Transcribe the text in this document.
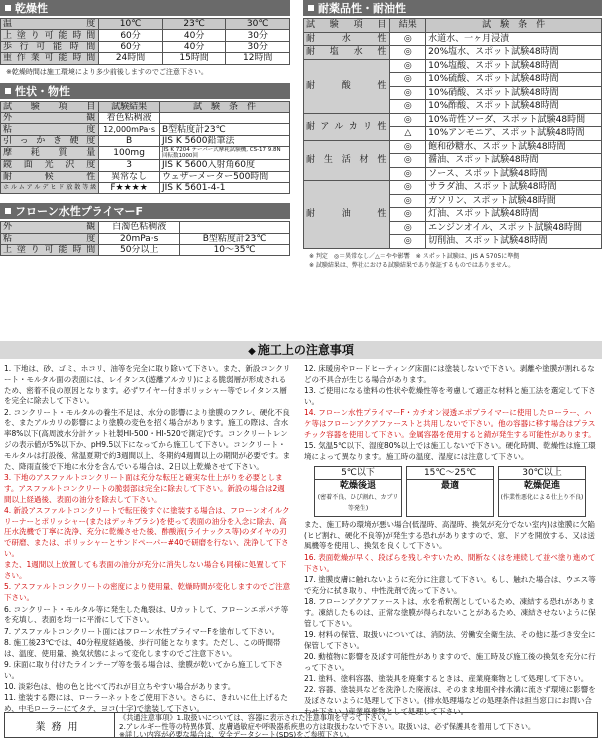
乾燥性
温　　度	10℃	23℃	30℃
上塗り可能時間	60分	40分	30分
歩行可能時間	60分	40分	30分
重作業可能時間	24時間	15時間	12時間
※乾燥時間は施工環境により多少前後しますのでご注意下さい。
性状・物性
試　験　項　目	試験結果	試　験　条　件
外　　観	着色粘稠液	
粘　　度	12,000mPa·s	B型粘度計23℃
引っかき硬度	B	JIS K 5600鉛筆法
摩耗質量	100mg	JIS K 7204 テーバー式摩耗試験機, CS-17 9.8N 回転数1000回
鏡面光沢度	3	JIS K 5600入射角60度
耐候性	異常なし	ウェザーメーター500時間
ホルムアルデヒド放散等級	F★★★★	JIS K 5601-4-1
フローン水性プライマーF
外　　観	白濁色粘稠液	
粘　　度	20mPa·s	B型粘度計23℃
上塗り可能時間	50分以上	10～35℃
耐薬品性・耐油性
試　験　項　目	結果	試　験　条　件
耐　水　性	◎	水道水、一ヶ月浸漬
耐塩水性	◎	20%塩水、スポット試験48時間
耐　酸　性	◎	10%塩酸、スポット試験48時間
	◎	10%硫酸、スポット試験48時間
	◎	10%硝酸、スポット試験48時間
	◎	10%酢酸、スポット試験48時間
耐アルカリ性	◎	10%苛性ソーダ、スポット試験48時間
	△	10%アンモニア、スポット試験48時間
耐生活材性	◎	飽和砂糖水、スポット試験48時間
	◎	醤油、スポット試験48時間
	◎	ソース、スポット試験48時間
耐　油　性	◎	サラダ油、スポット試験48時間
	◎	ガソリン、スポット試験48時間
	◎	灯油、スポット試験48時間
	◎	エンジンオイル、スポット試験48時間
	◎	切削油、スポット試験48時間
※ 判定　◎＝異常なし／△＝やや影響　※ スポット試験は、JIS A 5705に準拠
※ 試験結果は、弊社における試験結果であり保証するものではありません。
◆ 施工上の注意事項

1. 下地は、砂、ゴミ、ホコリ、油等を完全に取り除いて下さい。また、新設コンクリート・モルタル面の表面には、レイタンス(遊離アルカリ)による脆弱層が形成されるため、密着不良の原因となります。必ずワイヤー付きポリッシャー等でレイタンス層を完全に除去して下さい。

2. コンクリート・モルタルの養生不足は、水分の影響により塗膜のフクレ、硬化不良を、またアルカリの影響により塗膜の変色を招く場合があります。施工の際は、含水率8%以下(高周波水分計ケット社製HI-500・HI-520で測定)です。コンクリートレンジの表示値が5%以下か、pH9.5以下になってから施工して下さい。コンクリート・モルタルは打設後、常温夏期で約3週間以上、冬期約4週間以上の期間が必要です。また、降雨直後で下地に水分を含んでいる場合は、2日以上乾燥させて下さい。

3. 下地のアスファルトコンクリート面は充分な転圧と確実な仕上がりを必要とします。アスファルトコンクリートの脆弱部は完全に除去して下さい。新設の場合は2週間以上経過後、表面の油分を除去して下さい。

4. 新設アスファルトコンクリートで転圧後すぐに塗装する場合は、フローンオイルクリーナーとポリッシャー(またはデッキブラシ)を使って表面の油分を入念に除去、高圧水洗機で丁寧に洗浄、充分に乾燥させた後、酢酸液(ライナックス等)のダイヤの刃で研磨、または、ポリッシャーとサンドペーパー#40で研磨を行ない、洗浄して下さい。

また、1週間以上放置しても表面の油分が充分に消失しない場合も同様に処置して下さい。

5. アスファルトコンクリートの密度により使用量、乾燥時間が変化しますのでご注意下さい。

6. コンクリート・モルタル等に発生した亀裂は、Uカットして、フローンエポパテ等を充填し、表面を均一に平滑にして下さい。

7. アスファルトコンクリート面にはフローン水性プライマーFを塗布して下さい。

8. 施工後23℃では、40分程度経過後、歩行可能となります。ただし、この時間帯は、温度、使用量、換気状態によって変化しますのでご注意下さい。

9. 床面に取り付けたラインテープ等を張る場合は、塗膜が乾いてから施工して下さい。

10. 淡彩色は、他の色と比べて汚れが目立ちやすい場合があります。

11. 塗装する際には、ローラーネットをご使用下さい。さらに、きれいに仕上げるため、中毛ローラーにてタテ、ヨコ(十字)で塗装して下さい。

12. 床暖房やロードヒーティング床面には塗装しないで下さい。剥離や塗膜が割れるなどの不具合が生じる場合があります。

13. ご使用になる塗料の性状や乾燥性等を考慮して適正な材料と施工法を選定して下さい。

14. フローン水性プライマーF・カチオン浸透エポプライマーに使用したローラー、ハケ等はフローンアクアファーストと共用しないで下さい。他の容器に移す場合はプラスチック容器を使用して下さい。金属容器を使用すると錆が発生する可能性があります。

15. 気温5℃以下、湿度80%以上では施工しないで下さい。硬化時間、乾燥性は施工環境によって異なります。施工時の温度、湿度には注意して下さい。

5℃以下
乾燥後退
(密着不良、ひび割れ、カブリ等発生)
15℃～25℃
最適
30℃以上
乾燥促進
(作業性悪化による仕上り不良)

また、施工時の環境が悪い場合(低湿時、高湿時、換気が充分でない室内)は塗膜に欠陥(ヒビ割れ、硬化不良等)が発生する恐れがありますので、窓、ドアを開放する、又は送風機等を使用し、換気を良くして下さい。

16. 表面乾燥が早く、段ばらを残しやすいため、間断なくはを連続して並べ塗り進めて下さい。

17. 塗膜皮膚に触れないように充分に注意して下さい。もし、触れた場合は、ウエス等で充分に拭き取り、中性洗剤で洗って下さい。

18. フローンアクアファーストは、水を希釈剤としているため、凍結する恐れがあります。凍結したものは、正常な塗膜が得られないことがあるため、凍結させないように保管して下さい。

19. 材料の保管、取扱いについては、消防法、労働安全衛生法、その他に基づき安全に保管して下さい。

20. 動植物に影響を及ぼす可能性がありますので、施工時及び施工後の換気を充分に行って下さい。

21. 塗料、塗料容器、塗装具を廃棄するときは、産業廃棄物として処理して下さい。

22. 容器、塗装具などを洗浄した廃液は、そのまま地面や排水溝に流さず環境に影響を及ぼさないように処理して下さい。(排水処理場などの処理条件は担当窓口にお問い合わせ下さい。)産業廃棄物として処理して下さい。

業務用
《共通注意事項》1.取扱いについては、容器に表示された注意事項を守って下さい。
2.アレルギー性等の特異体質、皮膚過敏症や呼吸器系疾患の方は取扱わないで下さい。取扱いは、必ず保護具を着用して下さい。
※詳しい内容が必要な場合は、安全データシート(SDS)をご参照下さい。
